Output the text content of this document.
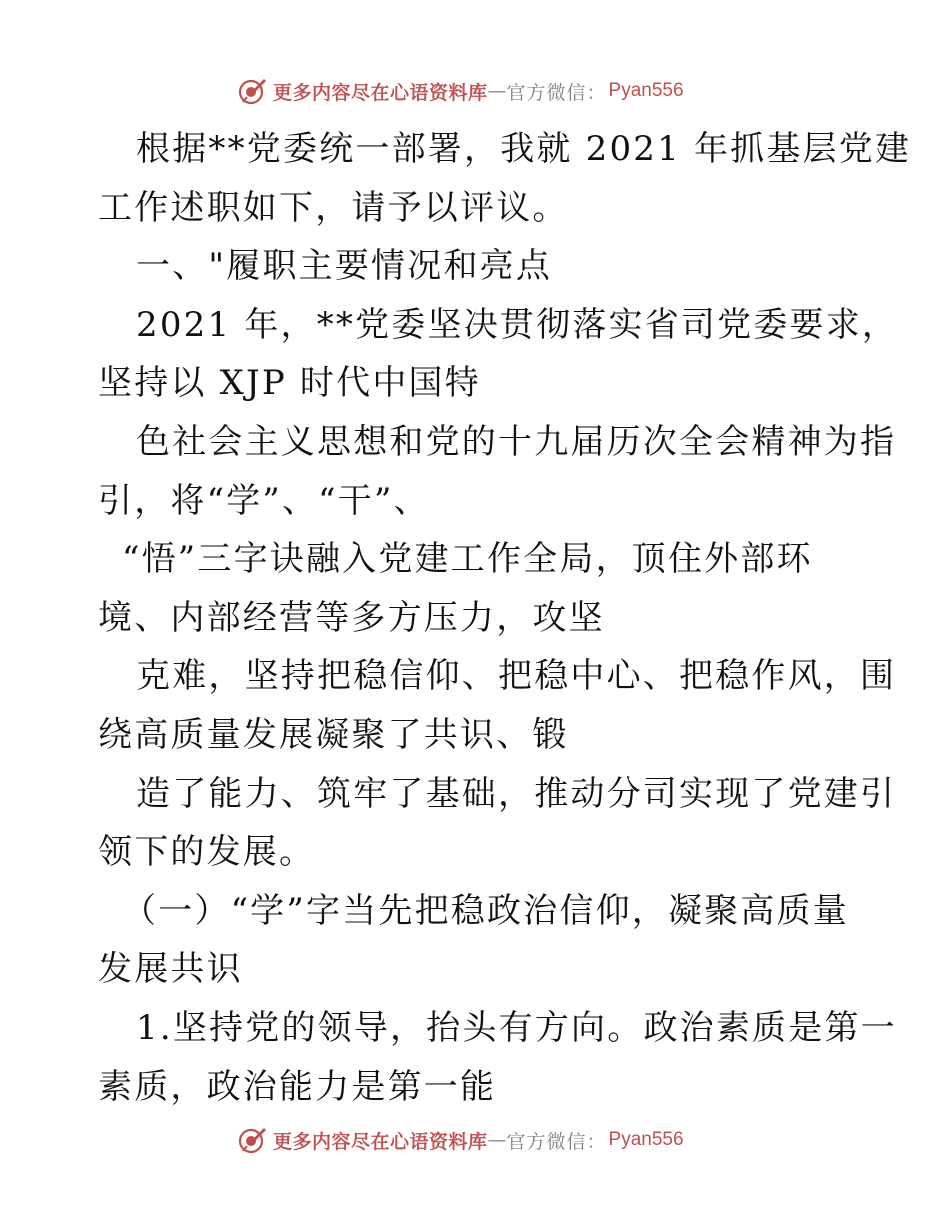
更多内容尽在心语资料库 — 官方微信： Pyan556
根据**党委统一部署，我就 2021 年抓基层党建
工作述职如下，请予以评议。
一、"履职主要情况和亮点
2021 年，**党委坚决贯彻落实省司党委要求，
坚持以 XJP 时代中国特
色社会主义思想和党的十九届历次全会精神为指
引，将“学”、“干”、
“悟”三字诀融入党建工作全局，顶住外部环
境、内部经营等多方压力，攻坚
克难，坚持把稳信仰、把稳中心、把稳作风，围
绕高质量发展凝聚了共识、锻
造了能力、筑牢了基础，推动分司实现了党建引
领下的发展。
（一）“学”字当先把稳政治信仰，凝聚高质量
发展共识
1.坚持党的领导，抬头有方向。政治素质是第一
素质，政治能力是第一能
更多内容尽在心语资料库 — 官方微信： Pyan556
